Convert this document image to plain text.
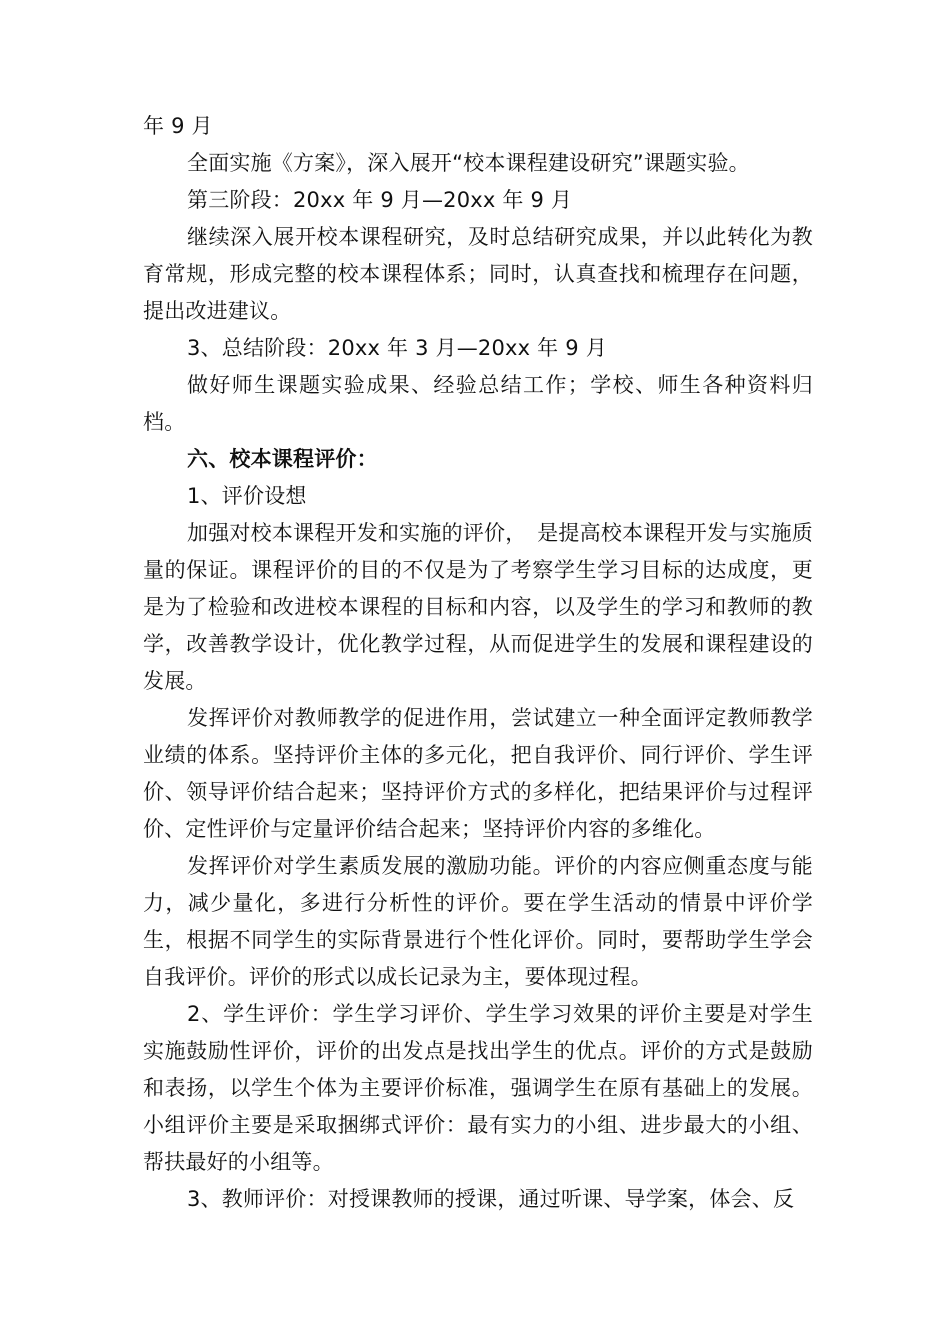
年 9 月

全面实施《方案》，深入展开“校本课程建设研究”课题实验。

第三阶段：20xx 年 9 月—20xx 年 9 月

继续深入展开校本课程研究，及时总结研究成果，并以此转化为教育常规，形成完整的校本课程体系；同时，认真查找和梳理存在问题，提出改进建议。

3、总结阶段：20xx 年 3 月—20xx 年 9 月

做好师生课题实验成果、经验总结工作；学校、师生各种资料归档。

六、校本课程评价：

1、评价设想

加强对校本课程开发和实施的评价，　是提高校本课程开发与实施质量的保证。课程评价的目的不仅是为了考察学生学习目标的达成度，更是为了检验和改进校本课程的目标和内容，以及学生的学习和教师的教学，改善教学设计，优化教学过程，从而促进学生的发展和课程建设的发展。

发挥评价对教师教学的促进作用，尝试建立一种全面评定教师教学业绩的体系。坚持评价主体的多元化，把自我评价、同行评价、学生评价、领导评价结合起来；坚持评价方式的多样化，把结果评价与过程评价、定性评价与定量评价结合起来；坚持评价内容的多维化。

发挥评价对学生素质发展的激励功能。评价的内容应侧重态度与能力，减少量化，多进行分析性的评价。要在学生活动的情景中评价学生，根据不同学生的实际背景进行个性化评价。同时，要帮助学生学会自我评价。评价的形式以成长记录为主，要体现过程。

2、学生评价：学生学习评价、学生学习效果的评价主要是对学生实施鼓励性评价，评价的出发点是找出学生的优点。评价的方式是鼓励和表扬，以学生个体为主要评价标准，强调学生在原有基础上的发展。小组评价主要是采取捆绑式评价：最有实力的小组、进步最大的小组、帮扶最好的小组等。

3、教师评价：对授课教师的授课，通过听课、导学案，体会、反
